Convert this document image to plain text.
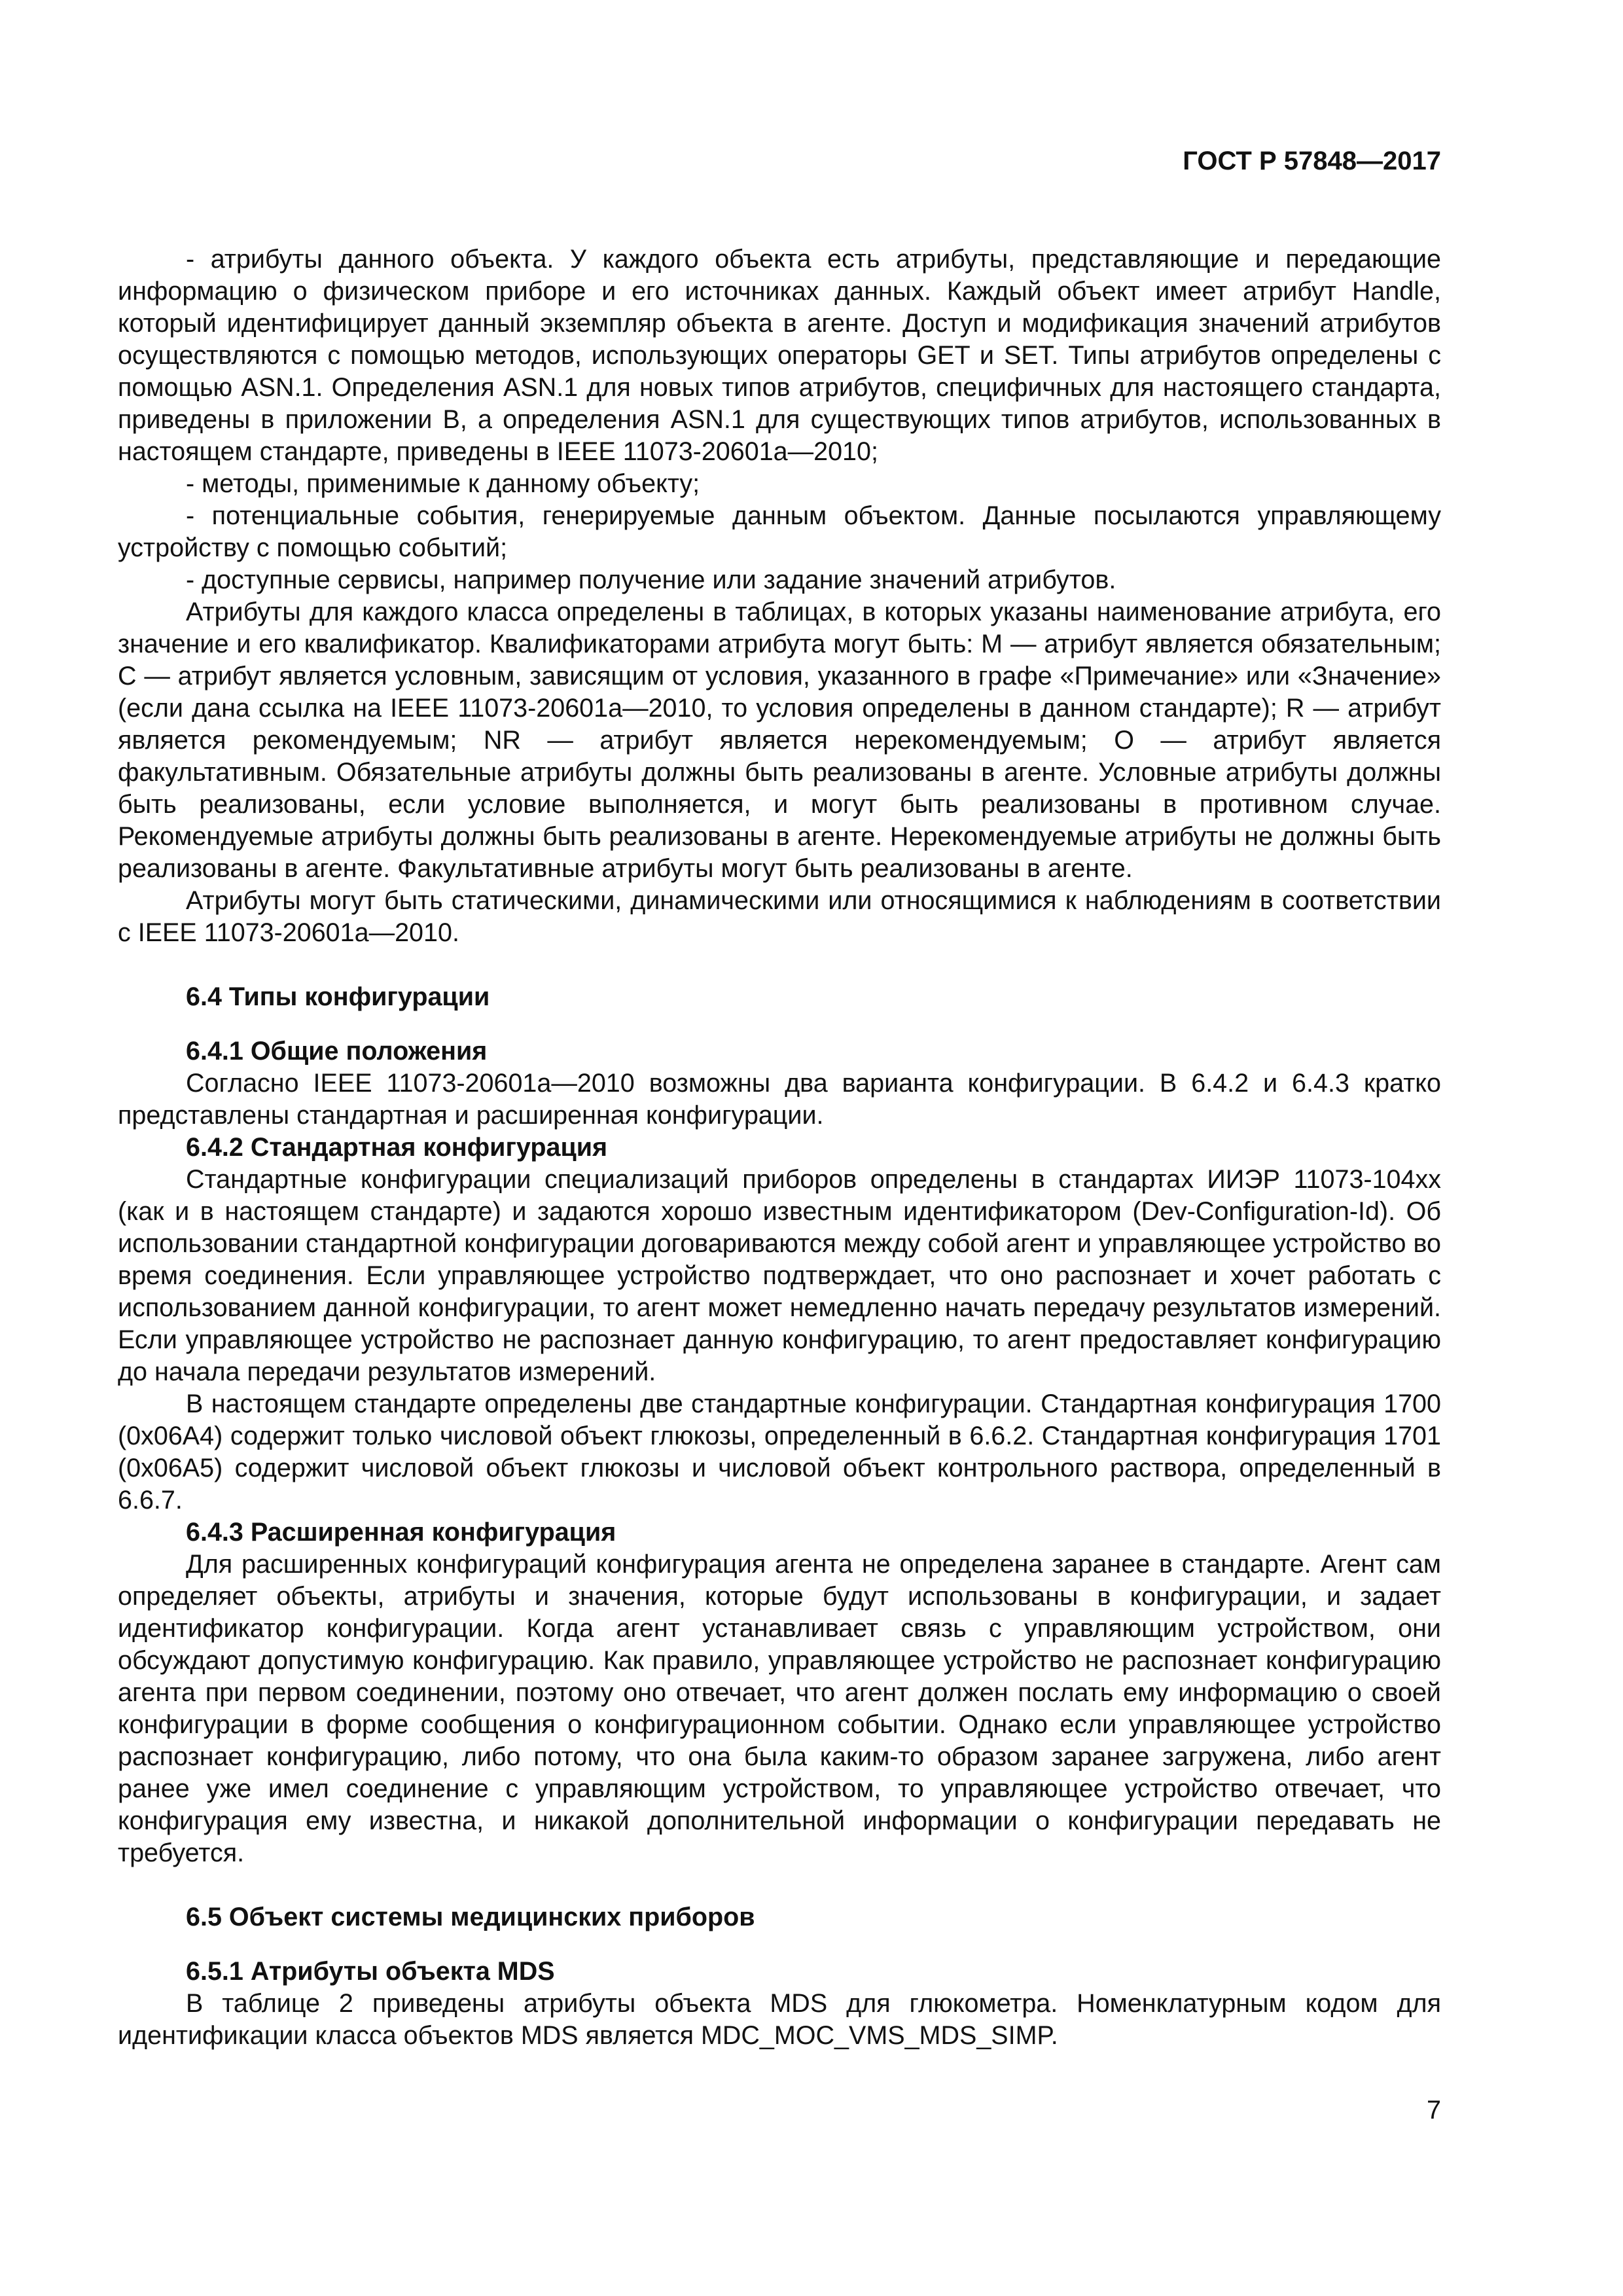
ГОСТ Р 57848—2017

- атрибуты данного объекта. У каждого объекта есть атрибуты, представляющие и передающие информацию о физическом приборе и его источниках данных. Каждый объект имеет атрибут Handle, который идентифицирует данный экземпляр объекта в агенте. Доступ и модификация значений атрибутов осуществляются с помощью методов, использующих операторы GET и SET. Типы атрибутов определены с помощью ASN.1. Определения ASN.1 для новых типов атрибутов, специфичных для настоящего стандарта, приведены в приложении B, а определения ASN.1 для существующих типов атрибутов, использованных в настоящем стандарте, приведены в IEEE 11073-20601a—2010;

- методы, применимые к данному объекту;

- потенциальные события, генерируемые данным объектом. Данные посылаются управляющему устройству с помощью событий;

- доступные сервисы, например получение или задание значений атрибутов.

Атрибуты для каждого класса определены в таблицах, в которых указаны наименование атрибута, его значение и его квалификатор. Квалификаторами атрибута могут быть: M — атрибут является обязательным; C — атрибут является условным, зависящим от условия, указанного в графе «Примечание» или «Значение» (если дана ссылка на IEEE 11073-20601a—2010, то условия определены в данном стандарте); R — атрибут является рекомендуемым; NR — атрибут является нерекомендуемым; O — атрибут является факультативным. Обязательные атрибуты должны быть реализованы в агенте. Условные атрибуты должны быть реализованы, если условие выполняется, и могут быть реализованы в противном случае. Рекомендуемые атрибуты должны быть реализованы в агенте. Нерекомендуемые атрибуты не должны быть реализованы в агенте. Факультативные атрибуты могут быть реализованы в агенте.

Атрибуты могут быть статическими, динамическими или относящимися к наблюдениям в соответствии с IEEE 11073-20601a—2010.

6.4 Типы конфигурации
6.4.1 Общие положения

Согласно IEEE 11073-20601a—2010 возможны два варианта конфигурации. В 6.4.2 и 6.4.3 кратко представлены стандартная и расширенная конфигурации.

6.4.2 Стандартная конфигурация

Стандартные конфигурации специализаций приборов определены в стандартах ИИЭР 11073-104xx (как и в настоящем стандарте) и задаются хорошо известным идентификатором (Dev-Configuration-Id). Об использовании стандартной конфигурации договариваются между собой агент и управляющее устройство во время соединения. Если управляющее устройство подтверждает, что оно распознает и хочет работать с использованием данной конфигурации, то агент может немедленно начать передачу результатов измерений. Если управляющее устройство не распознает данную конфигурацию, то агент предоставляет конфигурацию до начала передачи результатов измерений.

В настоящем стандарте определены две стандартные конфигурации. Стандартная конфигурация 1700 (0x06A4) содержит только числовой объект глюкозы, определенный в 6.6.2. Стандартная конфигурация 1701 (0x06A5) содержит числовой объект глюкозы и числовой объект контрольного раствора, определенный в 6.6.7.

6.4.3 Расширенная конфигурация

Для расширенных конфигураций конфигурация агента не определена заранее в стандарте. Агент сам определяет объекты, атрибуты и значения, которые будут использованы в конфигурации, и задает идентификатор конфигурации. Когда агент устанавливает связь с управляющим устройством, они обсуждают допустимую конфигурацию. Как правило, управляющее устройство не распознает конфигурацию агента при первом соединении, поэтому оно отвечает, что агент должен послать ему информацию о своей конфигурации в форме сообщения о конфигурационном событии. Однако если управляющее устройство распознает конфигурацию, либо потому, что она была каким-то образом заранее загружена, либо агент ранее уже имел соединение с управляющим устройством, то управляющее устройство отвечает, что конфигурация ему известна, и никакой дополнительной информации о конфигурации передавать не требуется.

6.5 Объект системы медицинских приборов
6.5.1 Атрибуты объекта MDS

В таблице 2 приведены атрибуты объекта MDS для глюкометра. Номенклатурным кодом для идентификации класса объектов MDS является MDC_MOC_VMS_MDS_SIMP.

7
